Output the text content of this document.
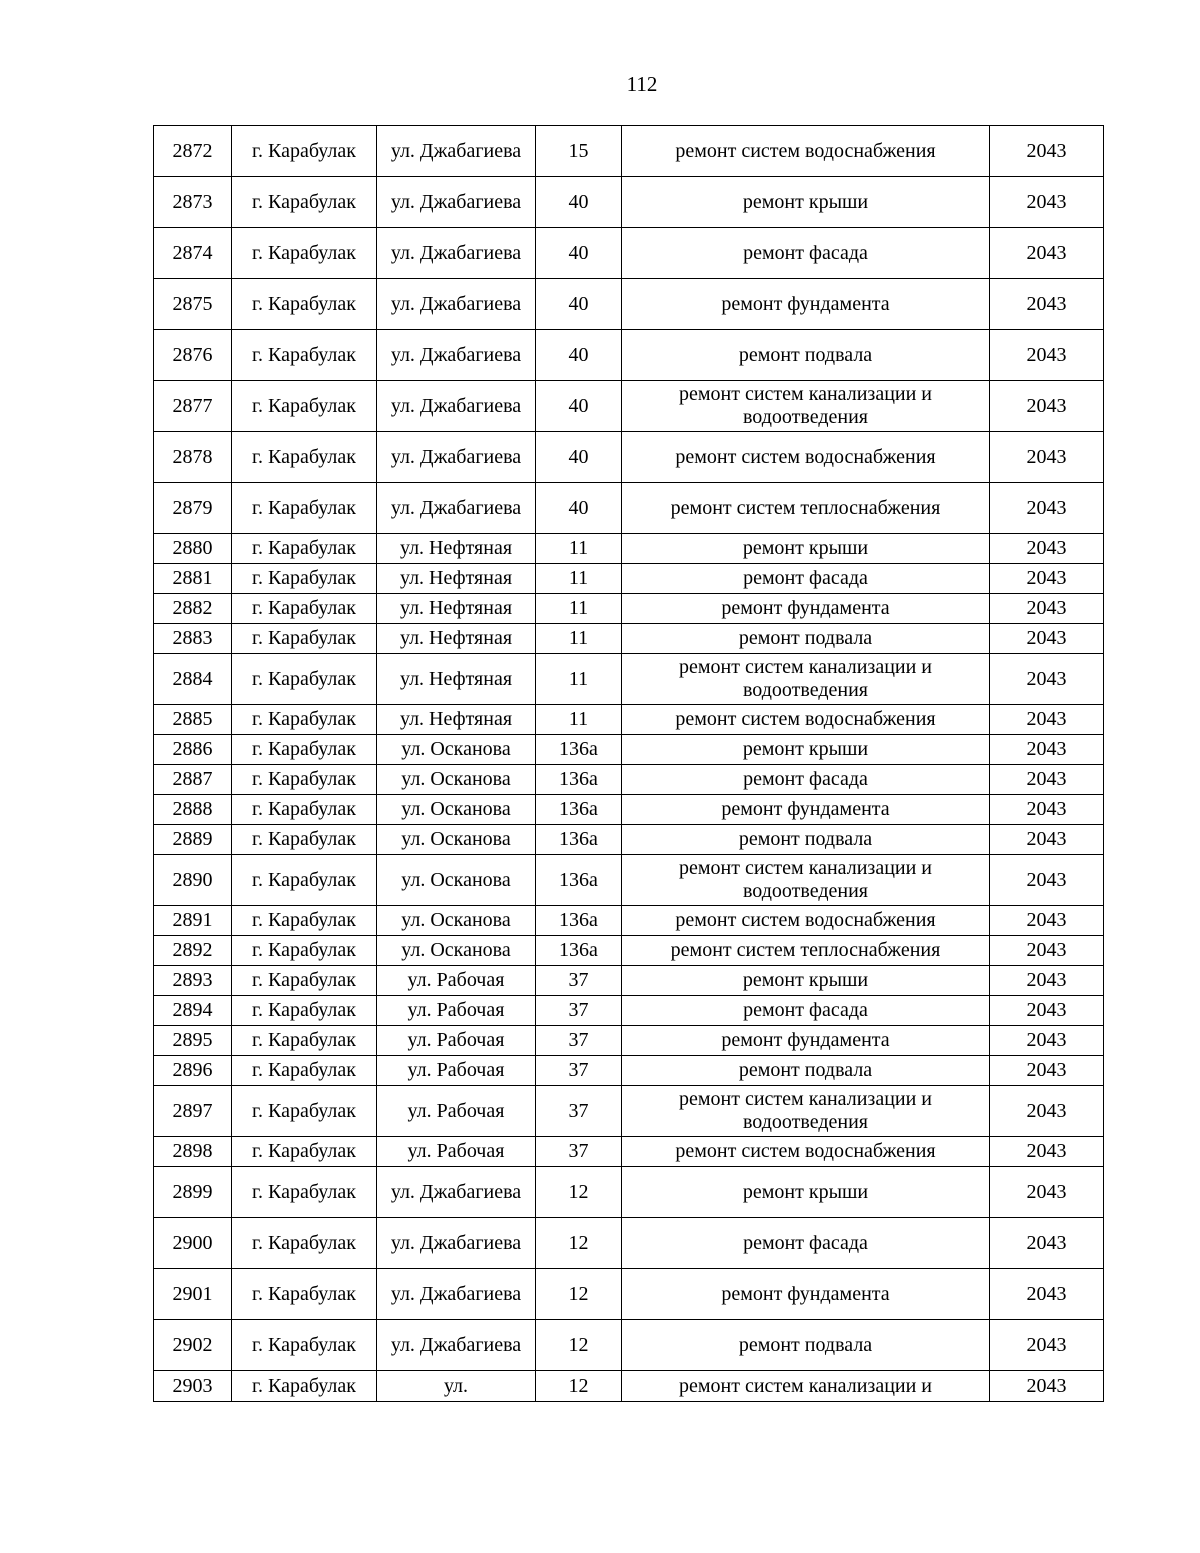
112
2872	г. Карабулак	ул. Джабагиева	15	ремонт систем водоснабжения	2043
2873	г. Карабулак	ул. Джабагиева	40	ремонт крыши	2043
2874	г. Карабулак	ул. Джабагиева	40	ремонт фасада	2043
2875	г. Карабулак	ул. Джабагиева	40	ремонт фундамента	2043
2876	г. Карабулак	ул. Джабагиева	40	ремонт подвала	2043
2877	г. Карабулак	ул. Джабагиева	40	ремонт систем канализации и водоотведения	2043
2878	г. Карабулак	ул. Джабагиева	40	ремонт систем водоснабжения	2043
2879	г. Карабулак	ул. Джабагиева	40	ремонт систем теплоснабжения	2043
2880	г. Карабулак	ул. Нефтяная	11	ремонт крыши	2043
2881	г. Карабулак	ул. Нефтяная	11	ремонт фасада	2043
2882	г. Карабулак	ул. Нефтяная	11	ремонт фундамента	2043
2883	г. Карабулак	ул. Нефтяная	11	ремонт подвала	2043
2884	г. Карабулак	ул. Нефтяная	11	ремонт систем канализации и водоотведения	2043
2885	г. Карабулак	ул. Нефтяная	11	ремонт систем водоснабжения	2043
2886	г. Карабулак	ул. Осканова	136а	ремонт крыши	2043
2887	г. Карабулак	ул. Осканова	136а	ремонт фасада	2043
2888	г. Карабулак	ул. Осканова	136а	ремонт фундамента	2043
2889	г. Карабулак	ул. Осканова	136а	ремонт подвала	2043
2890	г. Карабулак	ул. Осканова	136а	ремонт систем канализации и водоотведения	2043
2891	г. Карабулак	ул. Осканова	136а	ремонт систем водоснабжения	2043
2892	г. Карабулак	ул. Осканова	136а	ремонт систем теплоснабжения	2043
2893	г. Карабулак	ул. Рабочая	37	ремонт крыши	2043
2894	г. Карабулак	ул. Рабочая	37	ремонт фасада	2043
2895	г. Карабулак	ул. Рабочая	37	ремонт фундамента	2043
2896	г. Карабулак	ул. Рабочая	37	ремонт подвала	2043
2897	г. Карабулак	ул. Рабочая	37	ремонт систем канализации и водоотведения	2043
2898	г. Карабулак	ул. Рабочая	37	ремонт систем водоснабжения	2043
2899	г. Карабулак	ул. Джабагиева	12	ремонт крыши	2043
2900	г. Карабулак	ул. Джабагиева	12	ремонт фасада	2043
2901	г. Карабулак	ул. Джабагиева	12	ремонт фундамента	2043
2902	г. Карабулак	ул. Джабагиева	12	ремонт подвала	2043
2903	г. Карабулак	ул.	12	ремонт систем канализации и	2043
